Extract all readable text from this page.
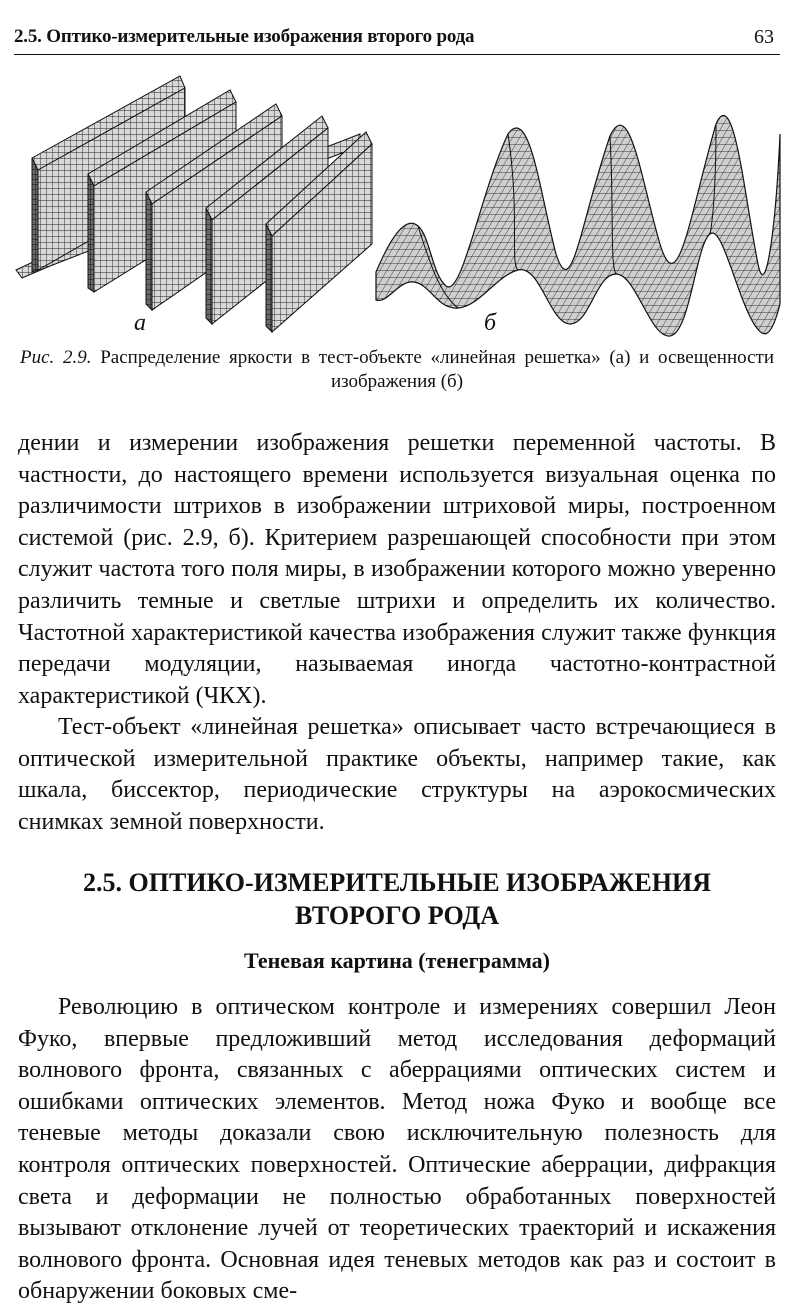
2.5. Оптико-измерительные изображения второго рода	63
а	б
Рис. 2.9. Распределение яркости в тест-объекте «линейная решетка» (а) и освещенности изображения (б)
дении и измерении изображения решетки переменной частоты. В частности, до настоящего времени используется визуальная оценка по различимости штрихов в изображении штриховой миры, построенном системой (рис. 2.9, б). Критерием разрешающей способности при этом служит частота того поля миры, в изображении которого можно уверенно различить темные и светлые штрихи и определить их количество. Частотной характеристикой качества изображения служит также функция передачи модуляции, называемая иногда частотно-контрастной характеристикой (ЧКХ).
Тест-объект «линейная решетка» описывает часто встречающиеся в оптической измерительной практике объекты, например такие, как шкала, биссектор, периодические структуры на аэрокосмических снимках земной поверхности.
2.5. ОПТИКО-ИЗМЕРИТЕЛЬНЫЕ ИЗОБРАЖЕНИЯ ВТОРОГО РОДА
Теневая картина (тенеграмма)
Революцию в оптическом контроле и измерениях совершил Леон Фуко, впервые предложивший метод исследования деформаций волнового фронта, связанных с аберрациями оптических систем и ошибками оптических элементов. Метод ножа Фуко и вообще все теневые методы доказали свою исключительную полезность для контроля оптических поверхностей. Оптические аберрации, дифракция света и деформации не полностью обработанных поверхностей вызывают отклонение лучей от теоретических траекторий и искажения волнового фронта. Основная идея теневых методов как раз и состоит в обнаружении боковых сме-
